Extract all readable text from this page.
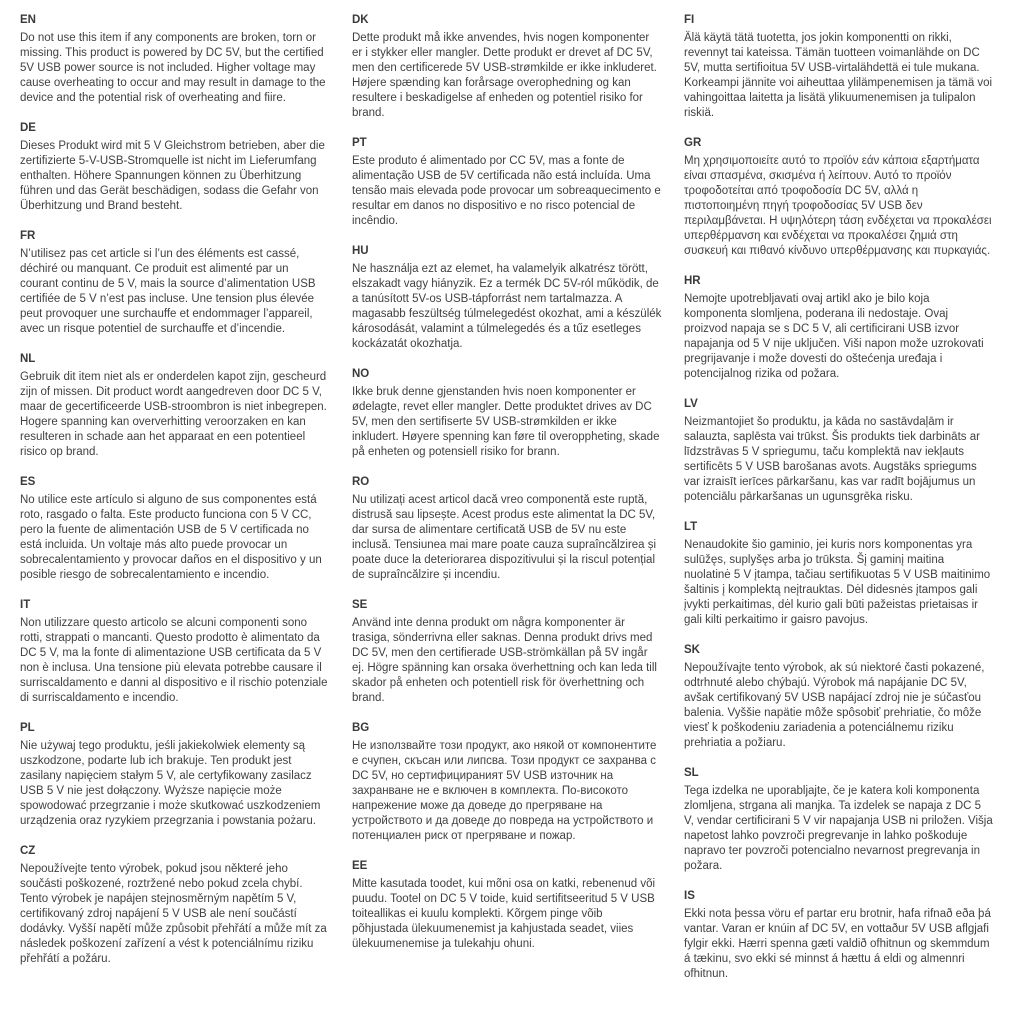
EN

Do not use this item if any components are broken, torn or missing. This product is powered by DC 5V, but the certified 5V USB power source is not included. Higher voltage may cause overheating to occur and may result in damage to the device and the potential risk of overheating and fiire.

DE

Dieses Produkt wird mit 5 V Gleichstrom betrieben, aber die zertifizierte 5-V-USB-Stromquelle ist nicht im Lieferumfang enthalten. Höhere Spannungen können zu Überhitzung führen und das Gerät beschädigen, sodass die Gefahr von Überhitzung und Brand besteht.

FR

N’utilisez pas cet article si l’un des éléments est cassé, déchiré ou manquant. Ce produit est alimenté par un courant continu de 5 V, mais la source d’alimentation USB certifiée de 5 V n’est pas incluse. Une tension plus élevée peut provoquer une surchauffe et endommager l’appareil, avec un risque potentiel de surchauffe et d’incendie.

NL

Gebruik dit item niet als er onderdelen kapot zijn, gescheurd zijn of missen. Dit product wordt aangedreven door DC 5 V, maar de gecertificeerde USB-stroombron is niet inbegrepen. Hogere spanning kan oververhitting veroorzaken en kan resulteren in schade aan het apparaat en een potentieel risico op brand.

ES

No utilice este artículo si alguno de sus componentes está roto, rasgado o falta. Este producto funciona con 5 V CC, pero la fuente de alimentación USB de 5 V certificada no está incluida. Un voltaje más alto puede provocar un sobrecalentamiento y provocar daños en el dispositivo y un posible riesgo de sobrecalentamiento e incendio.

IT

Non utilizzare questo articolo se alcuni componenti sono rotti, strappati o mancanti. Questo prodotto è alimentato da DC 5 V, ma la fonte di alimentazione USB certificata da 5 V non è inclusa. Una tensione più elevata potrebbe causare il surriscaldamento e danni al dispositivo e il rischio potenziale di surriscaldamento e incendio.

PL

Nie używaj tego produktu, jeśli jakiekolwiek elementy są uszkodzone, podarte lub ich brakuje. Ten produkt jest zasilany napięciem stałym 5 V, ale certyfikowany zasilacz USB 5 V nie jest dołączony. Wyższe napięcie może spowodować przegrzanie i może skutkować uszkodzeniem urządzenia oraz ryzykiem przegrzania i powstania pożaru.

CZ

Nepoužívejte tento výrobek, pokud jsou některé jeho součásti poškozené, roztržené nebo pokud zcela chybí. Tento výrobek je napájen stejnosměrným napětím 5 V, certifikovaný zdroj napájení 5 V USB ale není součástí dodávky. Vyšší napětí může způsobit přehřátí a může mít za následek poškození zařízení a vést k potenciálnímu riziku přehřátí a požáru.

DK

Dette produkt må ikke anvendes, hvis nogen komponenter er i stykker eller mangler. Dette produkt er drevet af DC 5V, men den certificerede 5V USB-strømkilde er ikke inkluderet. Højere spænding kan forårsage overophedning og kan resultere i beskadigelse af enheden og potentiel risiko for brand.

PT

Este produto é alimentado por CC 5V, mas a fonte de alimentação USB de 5V certificada não está incluída. Uma tensão mais elevada pode provocar um sobreaquecimento e resultar em danos no dispositivo e no risco potencial de incêndio.

HU

Ne használja ezt az elemet, ha valamelyik alkatrész törött, elszakadt vagy hiányzik. Ez a termék DC 5V-ról működik, de a tanúsított 5V-os USB-tápforrást nem tartalmazza. A magasabb feszültség túlmelegedést okozhat, ami a készülék károsodását, valamint a túlmelegedés és a tűz esetleges kockázatát okozhatja.

NO

Ikke bruk denne gjenstanden hvis noen komponenter er ødelagte, revet eller mangler. Dette produktet drives av DC 5V, men den sertifiserte 5V USB-strømkilden er ikke inkludert. Høyere spenning kan føre til overoppheting, skade på enheten og potensiell risiko for brann.

RO

Nu utilizați acest articol dacă vreo componentă este ruptă, distrusă sau lipsește. Acest produs este alimentat la DC 5V, dar sursa de alimentare certificată USB de 5V nu este inclusă. Tensiunea mai mare poate cauza supraîncălzirea și poate duce la deteriorarea dispozitivului și la riscul potențial de supraîncălzire și incendiu.

SE

Använd inte denna produkt om några komponenter är trasiga, sönderrivna eller saknas. Denna produkt drivs med DC 5V, men den certifierade USB-strömkällan på 5V ingår ej. Högre spänning kan orsaka överhettning och kan leda till skador på enheten och potentiell risk för överhettning och brand.

BG

Не използвайте този продукт, ако някой от компонентите е счупен, скъсан или липсва. Този продукт се захранва с DC 5V, но сертифицираният 5V USB източник на захранване не е включен в комплекта. По-високото напрежение може да доведе до прегряване на устройството и да доведе до повреда на устройството и потенциален риск от прегряване и пожар.

EE

Mitte kasutada toodet, kui mõni osa on katki, rebenenud või puudu. Tootel on DC 5 V toide, kuid sertifitseeritud 5 V USB toiteallikas ei kuulu komplekti. Kõrgem pinge võib põhjustada ülekuumenemist ja kahjustada seadet, viies ülekuumenemise ja tulekahju ohuni.

FI

Älä käytä tätä tuotetta, jos jokin komponentti on rikki, revennyt tai kateissa. Tämän tuotteen voimanlähde on DC 5V, mutta sertifioitua 5V USB-virtalähdettä ei tule mukana. Korkeampi jännite voi aiheuttaa ylilämpenemisen ja tämä voi vahingoittaa laitetta ja lisätä ylikuumenemisen ja tulipalon riskiä.

GR

Μη χρησιμοποιείτε αυτό το προϊόν εάν κάποια εξαρτήματα είναι σπασμένα, σκισμένα ή λείπουν. Αυτό το προϊόν τροφοδοτείται από τροφοδοσία DC 5V, αλλά η πιστοποιημένη πηγή τροφοδοσίας 5V USB δεν περιλαμβάνεται. Η υψηλότερη τάση ενδέχεται να προκαλέσει υπερθέρμανση και ενδέχεται να προκαλέσει ζημιά στη συσκευή και πιθανό κίνδυνο υπερθέρμανσης και πυρκαγιάς.

HR

Nemojte upotrebljavati ovaj artikl ako je bilo koja komponenta slomljena, poderana ili nedostaje. Ovaj proizvod napaja se s DC 5 V, ali certificirani USB izvor napajanja od 5 V nije uključen. Viši napon može uzrokovati pregrijavanje i može dovesti do oštećenja uređaja i potencijalnog rizika od požara.

LV

Neizmantojiet šo produktu, ja kāda no sastāvdaļām ir salauzta, saplēsta vai trūkst. Šis produkts tiek darbināts ar līdzstrāvas 5 V spriegumu, taču komplektā nav iekļauts sertificēts 5 V USB barošanas avots. Augstāks spriegums var izraisīt ierīces pārkaršanu, kas var radīt bojājumus un potenciālu pārkaršanas un ugunsgrēka risku.

LT

Nenaudokite šio gaminio, jei kuris nors komponentas yra sulūžęs, suplyšęs arba jo trūksta. Šį gaminį maitina nuolatinė 5 V įtampa, tačiau sertifikuotas 5 V USB maitinimo šaltinis į komplektą neįtrauktas. Dėl didesnės įtampos gali įvykti perkaitimas, dėl kurio gali būti pažeistas prietaisas ir gali kilti perkaitimo ir gaisro pavojus.

SK

Nepoužívajte tento výrobok, ak sú niektoré časti pokazené, odtrhnuté alebo chýbajú. Výrobok má napájanie DC 5V, avšak certifikovaný 5V USB napájací zdroj nie je súčasťou balenia. Vyššie napätie môže spôsobiť prehriatie, čo môže viesť k poškodeniu zariadenia a potenciálnemu riziku prehriatia a požiaru.

SL

Tega izdelka ne uporabljajte, če je katera koli komponenta zlomljena, strgana ali manjka. Ta izdelek se napaja z DC 5 V, vendar certificirani 5 V vir napajanja USB ni priložen. Višja napetost lahko povzroči pregrevanje in lahko poškoduje napravo ter povzroči potencialno nevarnost pregrevanja in požara.

IS

Ekki nota þessa vöru ef partar eru brotnir, hafa rifnað eða þá vantar. Varan er knúin af DC 5V, en vottaður 5V USB aflgjafi fylgir ekki. Hærri spenna gæti valdið ofhitnun og skemmdum á tækinu, svo ekki sé minnst á hættu á eldi og almennri ofhitnun.
